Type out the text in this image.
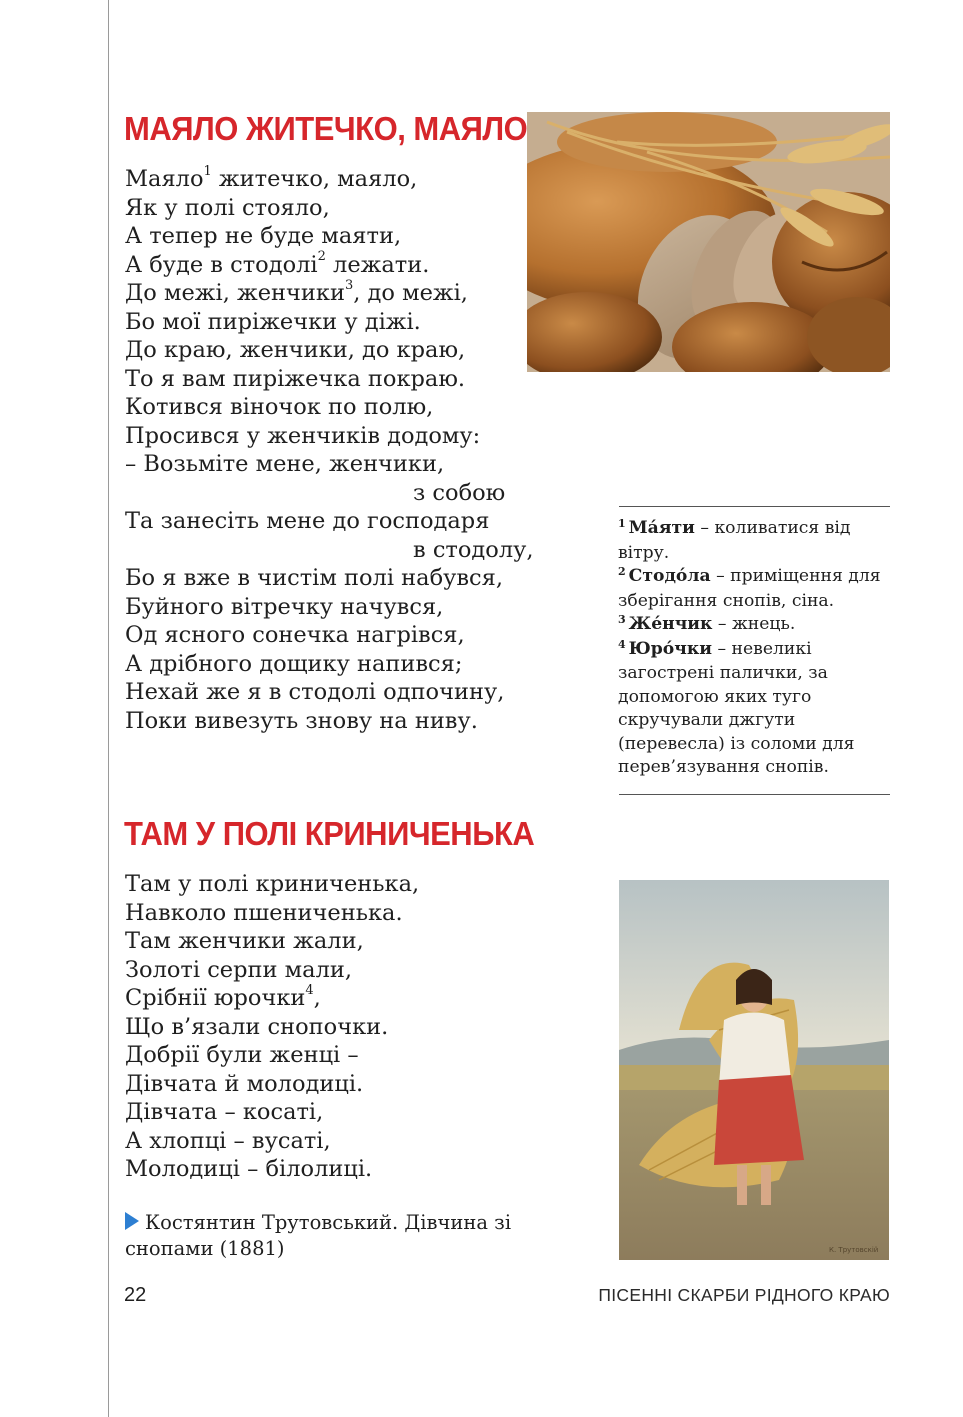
МАЯЛО ЖИТЕЧКО, МАЯЛО
Маяло$^1$ житечко, маяло,
Як у полі стояло,
А тепер не буде маяти,
А буде в стодолі$^2$ лежати.
До межі, женчики$^3$, до межі,
Бо мої пиріжечки у діжі.
До краю, женчики, до краю,
То я вам пиріжечка покраю.
Котився віночок по полю,
Просився у женчиків додому:
– Возьміте мене, женчики,
з собою
Та занесіть мене до господаря
в стодолу,
Бо я вже в чистім полі набувся,
Буйного вітречку начувся,
Од ясного сонечка нагрівся,
А дрібного дощику напився;
Нехай же я в стодолі одпочину,
Поки вивезуть знову на ниву.
$^1$ Ма́яти – коливатися від вітру.
$^2$ Стодо́ла – приміщення для зберігання снопів, сіна.
$^3$ Же́нчик – жнець.
$^4$ Юро́чки – невеликі загострені палички, за допомогою яких туго скручували джгути (перевесла) із соломи для перев’язування снопів.
ТАМ У ПОЛІ КРИНИЧЕНЬКА
Там у полі криниченька,
Навколо пшениченька.
Там женчики жали,
Золоті серпи мали,
Срібнії юрочки$^4$,
Що в’язали снопочки.
Добрії були женці –
Дівчата й молодиці.
Дівчата – косаті,
А хлопці – вусаті,
Молодиці – білолиці.
К. Трутовскій
Костянтин Трутовський. Дівчина зі снопами (1881)
22	ПІСЕННІ СКАРБИ РІДНОГО КРАЮ
